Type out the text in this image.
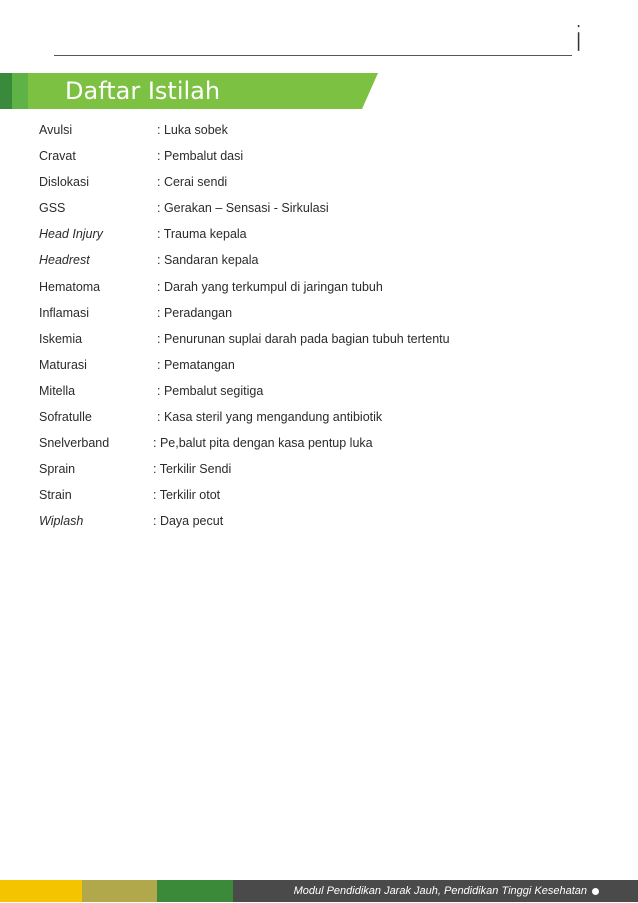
i
Daftar Istilah
Avulsi	: Luka sobek
Cravat	: Pembalut dasi
Dislokasi	: Cerai sendi
GSS	: Gerakan – Sensasi - Sirkulasi
Head Injury	: Trauma kepala
Headrest	: Sandaran kepala
Hematoma	: Darah yang terkumpul di jaringan tubuh
Inflamasi	: Peradangan
Iskemia	: Penurunan suplai darah pada bagian tubuh tertentu
Maturasi	: Pematangan
Mitella	: Pembalut segitiga
Sofratulle	: Kasa steril yang mengandung antibiotik
Snelverband	: Pe,balut pita dengan kasa pentup luka
Sprain	: Terkilir Sendi
Strain	: Terkilir otot
Wiplash	: Daya pecut
Modul Pendidikan Jarak Jauh, Pendidikan Tinggi Kesehatan
